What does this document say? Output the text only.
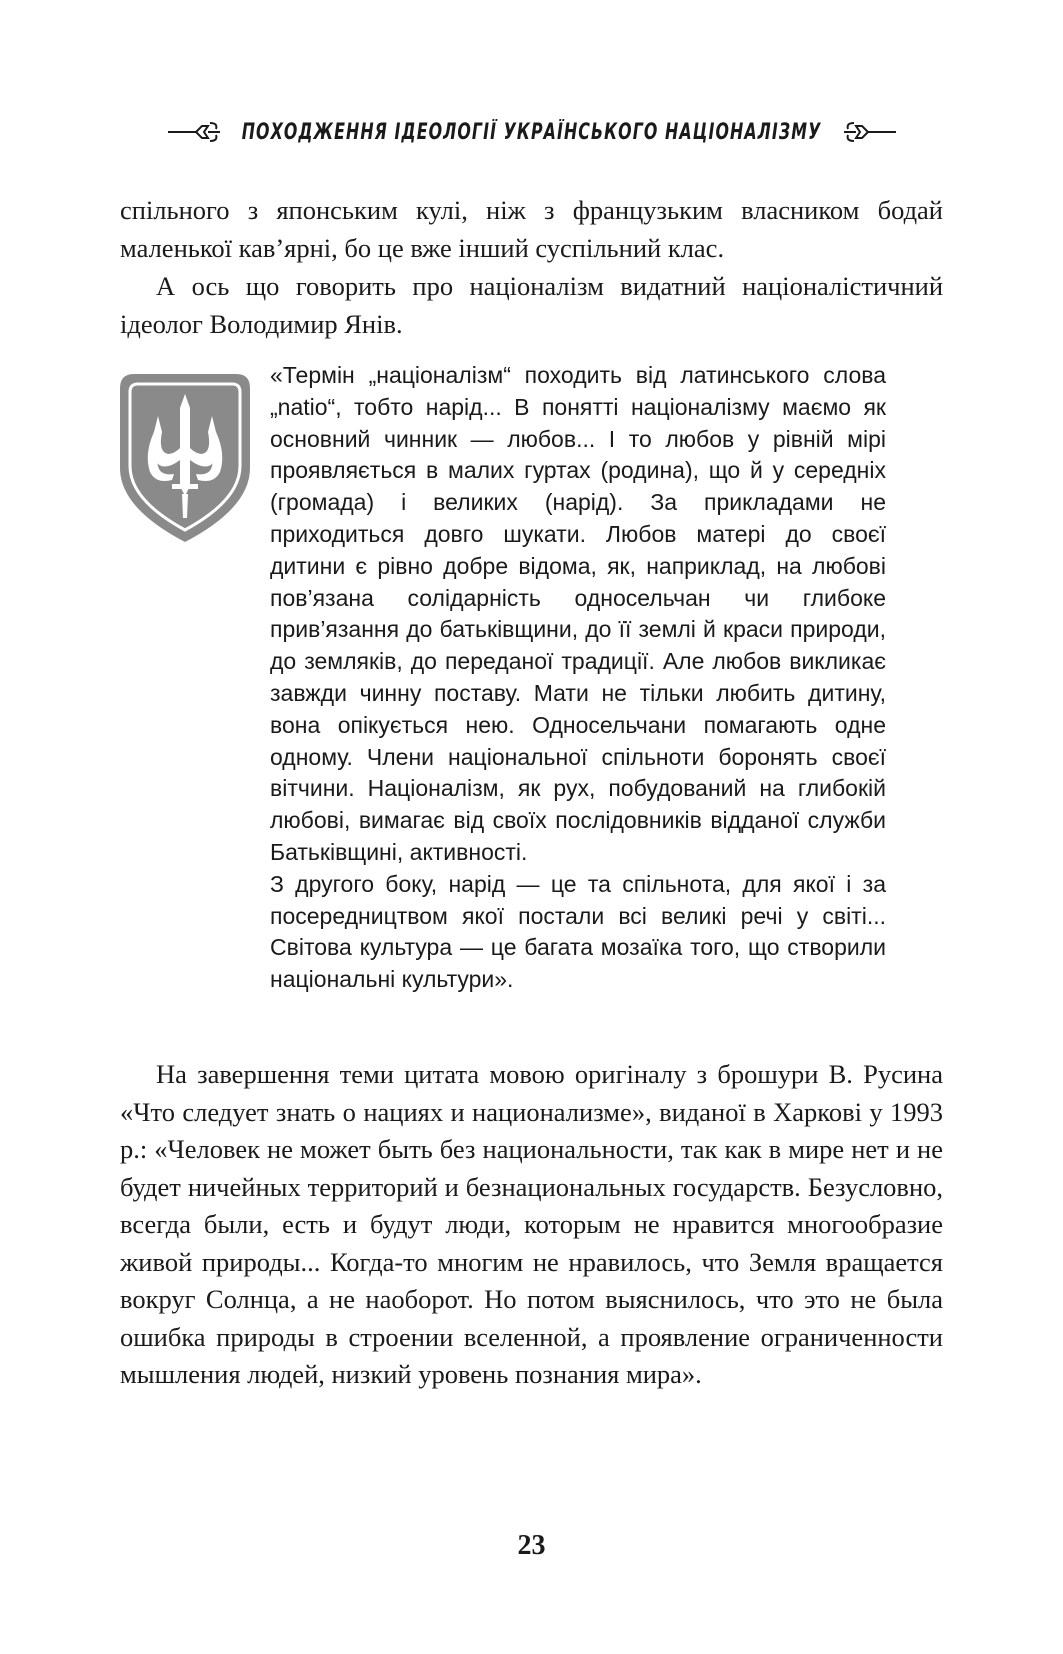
ПОХОДЖЕННЯ ІДЕОЛОГІЇ УКРАЇНСЬКОГО НАЦІОНАЛІЗМУ

спільного з японським кулі, ніж з французьким власником бодай маленької кав’ярні, бо це вже інший суспільний клас.

А ось що говорить про націоналізм видатний націоналістичний ідеолог Володимир Янів.

«Термін „націоналізм“ походить від латинського слова „natio“, тобто нарід... В понятті націоналізму маємо як основний чинник — любов... І то любов у рівній мірі проявляється в малих гуртах (родина), що й у середніх (громада) і великих (нарід). За прикладами не приходиться довго шукати. Любов матері до своєї дитини є рівно добре відома, як, наприклад, на любові пов’язана солідарність односельчан чи глибоке прив’язання до батьківщини, до її землі й краси природи, до земляків, до переданої традиції. Але любов викликає завжди чинну поставу. Мати не тільки любить дитину, вона опікується нею. Односельчани помагають одне одному. Члени національної спільноти боронять своєї вітчини. Націоналізм, як рух, побудований на глибокій любові, вимагає від своїх послідовників відданої служби Батьківщині, активності.

З другого боку, нарід — це та спільнота, для якої і за посередництвом якої постали всі великі речі у світі... Світова культура — це багата мозаїка того, що створили національні культури».

На завершення теми цитата мовою оригіналу з брошури В. Русина «Что следует знать о нациях и национализме», виданої в Харкові у 1993 р.: «Человек не может быть без национальности, так как в мире нет и не будет ничейных территорий и безнациональных государств. Безусловно, всегда были, есть и будут люди, которым не нравится многообразие живой природы... Когда-то многим не нравилось, что Земля вращается вокруг Солнца, а не наоборот. Но потом выяснилось, что это не была ошибка природы в строении вселенной, а проявление ограниченности мышления людей, низкий уровень познания мира».

23
